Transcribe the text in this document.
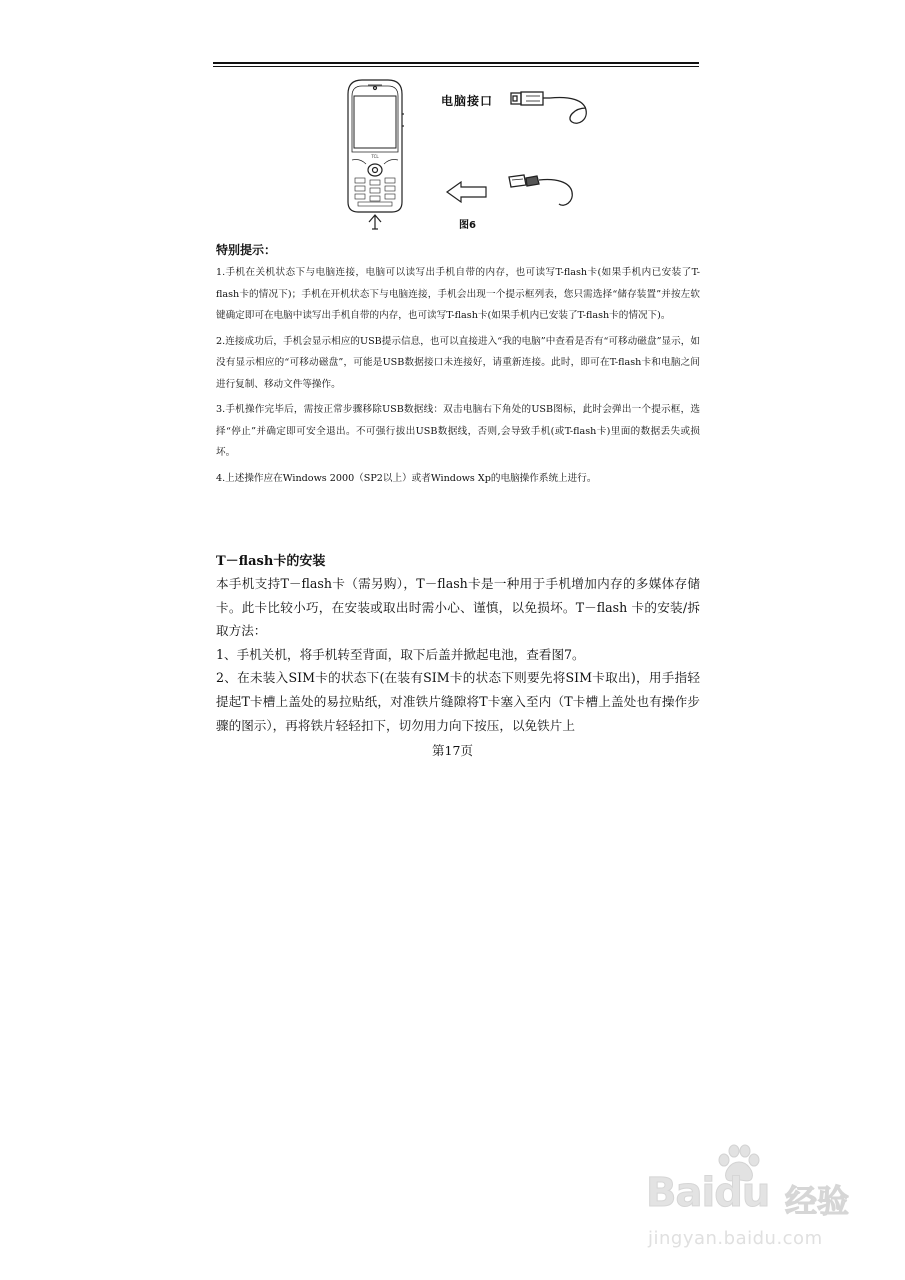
TCL
电脑接口
图6
特别提示：

1.手机在关机状态下与电脑连接，电脑可以读写出手机自带的内存，也可读写T-flash卡(如果手机内已安装了T-flash卡的情况下)；手机在开机状态下与电脑连接，手机会出现一个提示框列表，您只需选择“储存装置”并按左软键确定即可在电脑中读写出手机自带的内存，也可读写T-flash卡(如果手机内已安装了T-flash卡的情况下)。

2.连接成功后，手机会显示相应的USB提示信息，也可以直接进入“我的电脑”中查看是否有“可移动磁盘”显示，如没有显示相应的“可移动磁盘”，可能是USB数据接口未连接好，请重新连接。此时，即可在T-flash卡和电脑之间进行复制、移动文件等操作。

3.手机操作完毕后，需按正常步骤移除USB数据线：双击电脑右下角处的USB图标，此时会弹出一个提示框，选择“停止”并确定即可安全退出。不可强行拔出USB数据线，否则,会导致手机(或T-flash卡)里面的数据丢失或损坏。

4.上述操作应在Windows 2000（SP2以上）或者Windows Xp的电脑操作系统上进行。

T－flash卡的安装

本手机支持T－flash卡（需另购），T－flash卡是一种用于手机增加内存的多媒体存储卡。此卡比较小巧，在安装或取出时需小心、谨慎，以免损坏。T－flash 卡的安装/拆取方法：

1、手机关机，将手机转至背面，取下后盖并掀起电池，查看图7。

2、在未装入SIM卡的状态下(在装有SIM卡的状态下则要先将SIM卡取出)，用手指轻提起T卡槽上盖处的易拉贴纸，对准铁片缝隙将T卡塞入至内（T卡槽上盖处也有操作步骤的图示），再将铁片轻轻扣下，切勿用力向下按压，以免铁片上

第17页
Baidu 经验
jingyan.baidu.com
